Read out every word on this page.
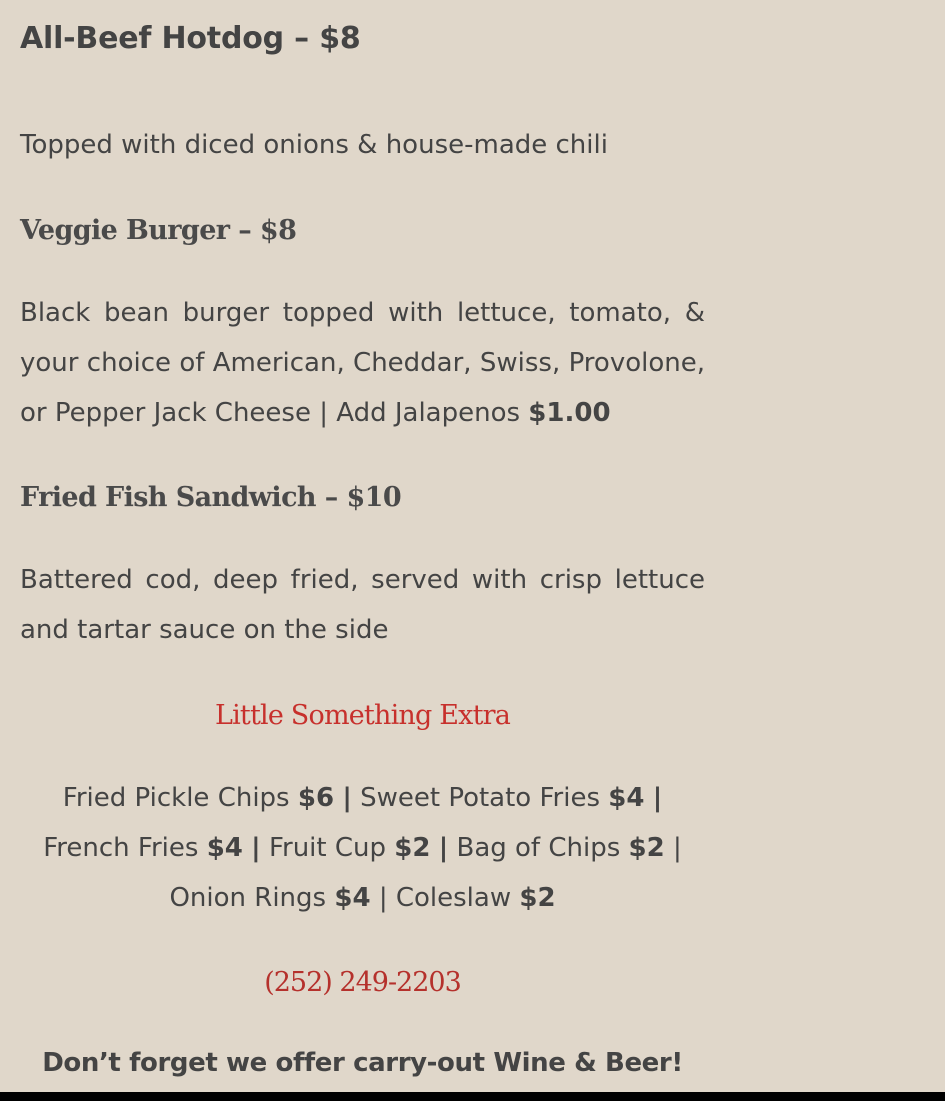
All-Beef Hotdog – $8
Topped with diced onions & house-made chili
Veggie Burger – $8
Black bean burger topped with lettuce, tomato, & your choice of American, Cheddar, Swiss, Provolone, or Pepper Jack Cheese | Add Jalapenos $1.00
Fried Fish Sandwich – $10
Battered cod, deep fried, served with crisp lettuce and tartar sauce on the side
Little Something Extra
Fried Pickle Chips $6 | Sweet Potato Fries $4 |
French Fries $4 | Fruit Cup $2 | Bag of Chips $2 |
Onion Rings $4 | Coleslaw $2
(252) 249-2203
Don’t forget we offer carry-out Wine & Beer!
